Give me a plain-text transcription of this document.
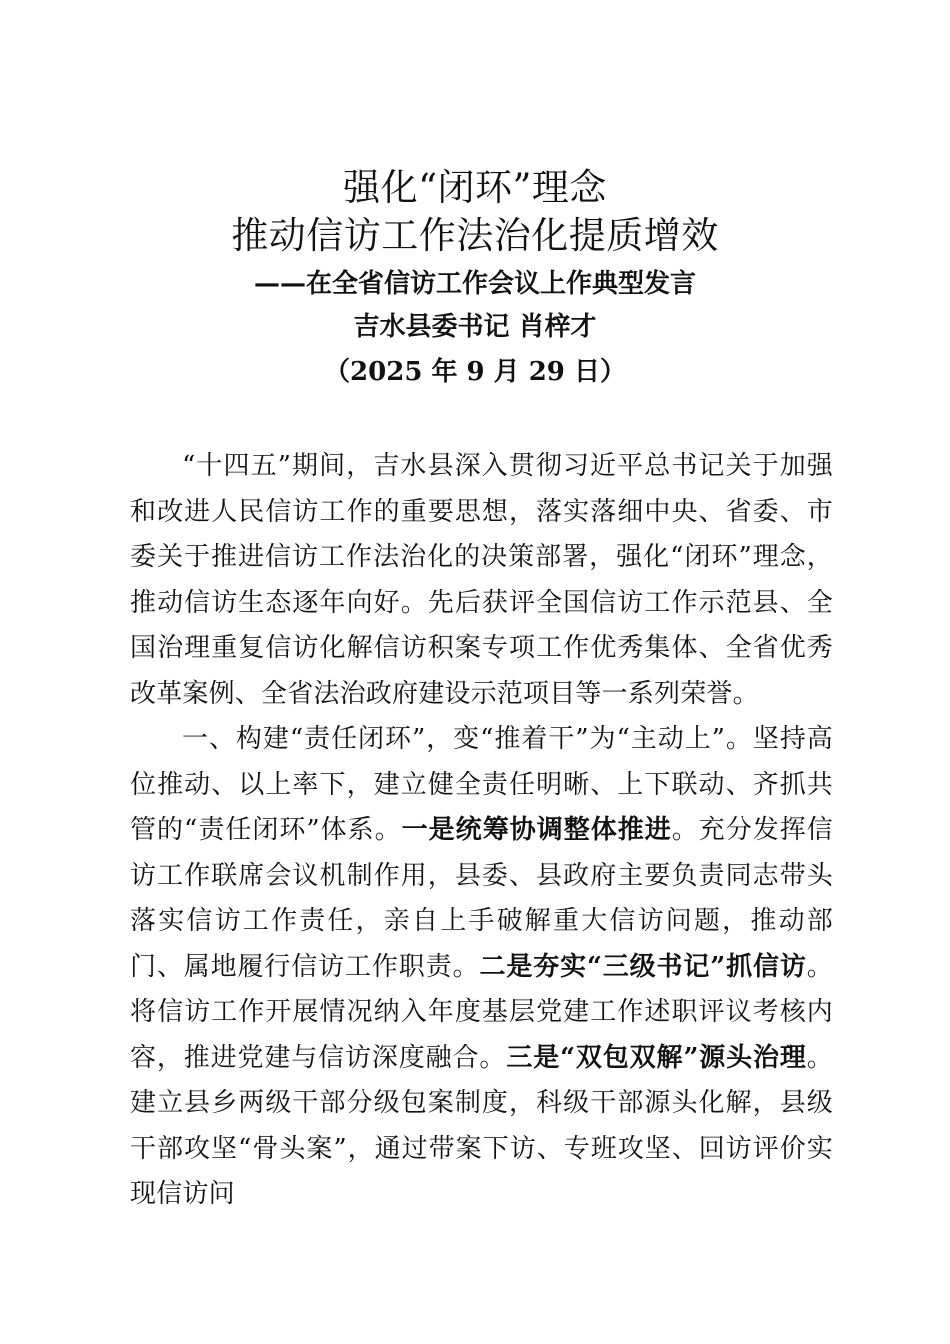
强化“闭环”理念
推动信访工作法治化提质增效
——在全省信访工作会议上作典型发言
吉水县委书记 肖梓才
（2025 年 9 月 29 日）

“十四五”期间，吉水县深入贯彻习近平总书记关于加强和改进人民信访工作的重要思想，落实落细中央、省委、市委关于推进信访工作法治化的决策部署，强化“闭环”理念，推动信访生态逐年向好。先后获评全国信访工作示范县、全国治理重复信访化解信访积案专项工作优秀集体、全省优秀改革案例、全省法治政府建设示范项目等一系列荣誉。

一、构建“责任闭环”，变“推着干”为“主动上”。坚持高位推动、以上率下，建立健全责任明晰、上下联动、齐抓共管的“责任闭环”体系。一是统筹协调整体推进。充分发挥信访工作联席会议机制作用，县委、县政府主要负责同志带头落实信访工作责任，亲自上手破解重大信访问题，推动部门、属地履行信访工作职责。二是夯实“三级书记”抓信访。将信访工作开展情况纳入年度基层党建工作述职评议考核内容，推进党建与信访深度融合。三是“双包双解”源头治理。建立县乡两级干部分级包案制度，科级干部源头化解，县级干部攻坚“骨头案”，通过带案下访、专班攻坚、回访评价实现信访问
